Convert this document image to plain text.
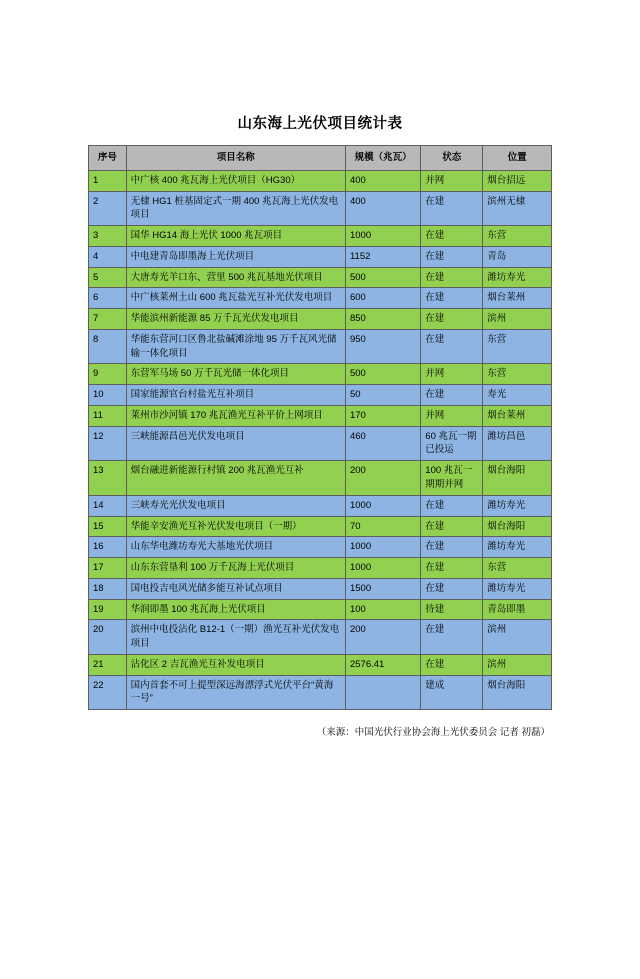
山东海上光伏项目统计表
序号	项目名称	规模（兆瓦）	状态	位置
1	中广核 400 兆瓦海上光伏项目（HG30）	400	并网	烟台招远
2	无棣 HG1 桩基固定式一期 400 兆瓦海上光伏发电项目	400	在建	滨州无棣
3	国华 HG14 海上光伏 1000 兆瓦项目	1000	在建	东营
4	中电建青岛即墨海上光伏项目	1152	在建	青岛
5	大唐寿光羊口东、营里 500 兆瓦基地光伏项目	500	在建	潍坊寿光
6	中广核莱州土山 600 兆瓦盐光互补光伏发电项目	600	在建	烟台莱州
7	华能滨州新能源 85 万千瓦光伏发电项目	850	在建	滨州
8	华能东营河口区鲁北盐碱滩涂地 95 万千瓦风光储输一体化项目	950	在建	东营
9	东营军马场 50 万千瓦光储一体化项目	500	并网	东营
10	国家能源官台村盐光互补项目	50	在建	寿光
11	莱州市沙河镇 170 兆瓦渔光互补平价上网项目	170	并网	烟台莱州
12	三峡能源昌邑光伏发电项目	460	60 兆瓦一期已投运	潍坊昌邑
13	烟台融进新能源行村镇 200 兆瓦渔光互补	200	100 兆瓦一期期并网	烟台海阳
14	三峡寿光光伏发电项目	1000	在建	潍坊寿光
15	华能辛安渔光互补光伏发电项目（一期）	70	在建	烟台海阳
16	山东华电潍坊寿光大基地光伏项目	1000	在建	潍坊寿光
17	山东东营垦利 100 万千瓦海上光伏项目	1000	在建	东营
18	国电投吉电风光储多能互补试点项目	1500	在建	潍坊寿光
19	华润即墨 100 兆瓦海上光伏项目	100	待建	青岛即墨
20	滨州中电投沾化 B12-1（一期）渔光互补光伏发电项目	200	在建	滨州
21	沾化区 2 吉瓦渔光互补发电项目	2576.41	在建	滨州
22	国内首套不可上提型深远海漂浮式光伏平台“黄海一号”		建成	烟台海阳
（来源：中国光伏行业协会海上光伏委员会 记者 初磊）
